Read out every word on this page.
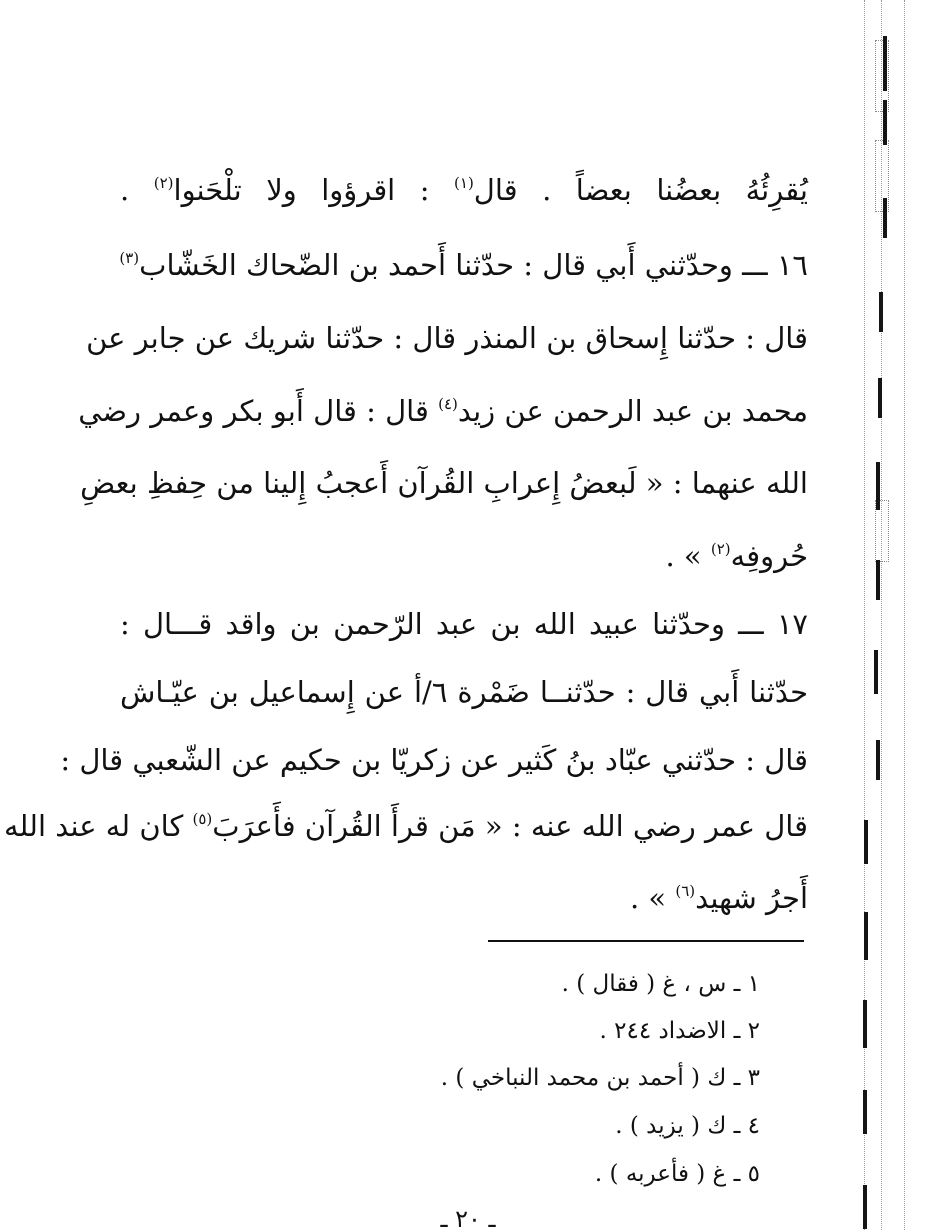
يُقرِئُهُ بعضُنا بعضاً . قال$^{(١)}$ : اقرؤوا ولا تلْحَنوا$^{(٢)}$ .
١٦ ـــ وحدّثني أَبي قال : حدّثنا أَحمد بن الضّحاك الخَشّاب$^{(٣)}$
قال : حدّثنا إِسحاق بن المنذر قال : حدّثنا شريك عن جابر عن
محمد بن عبد الرحمن عن زيد$^{(٤)}$ قال : قال أَبو بكر وعمر رضي
الله عنهما : « لَبعضُ إِعرابِ القُرآن أَعجبُ إِلينا من حِفظِ بعضِ
حُروفِه$^{(٢)}$ » .
١٧ ـــ وحدّثنا عبيد الله بن عبد الرّحمن بن واقد قـــال :
حدّثنا أَبي قال : حدّثنــا ضَمْرة ٦/أ عن إِسماعيل بن عيّـاش
قال : حدّثني عبّاد بنُ كَثير عن زكريّا بن حكيم عن الشّعبي قال :
قال عمر رضي الله عنه : « مَن قرأَ القُرآن فأَعرَبَ$^{(٥)}$ كان له عند الله
أَجرُ شهيد$^{(٦)}$ » .
١ ـ س ، غ ( فقال ) .
٢ ـ الاضداد ٢٤٤ .
٣ ـ ك ( أحمد بن محمد النباخي ) .
٤ ـ ك ( يزيد ) .
٥ ـ غ ( فأعربه ) .
ـ ٢٠ ـ
